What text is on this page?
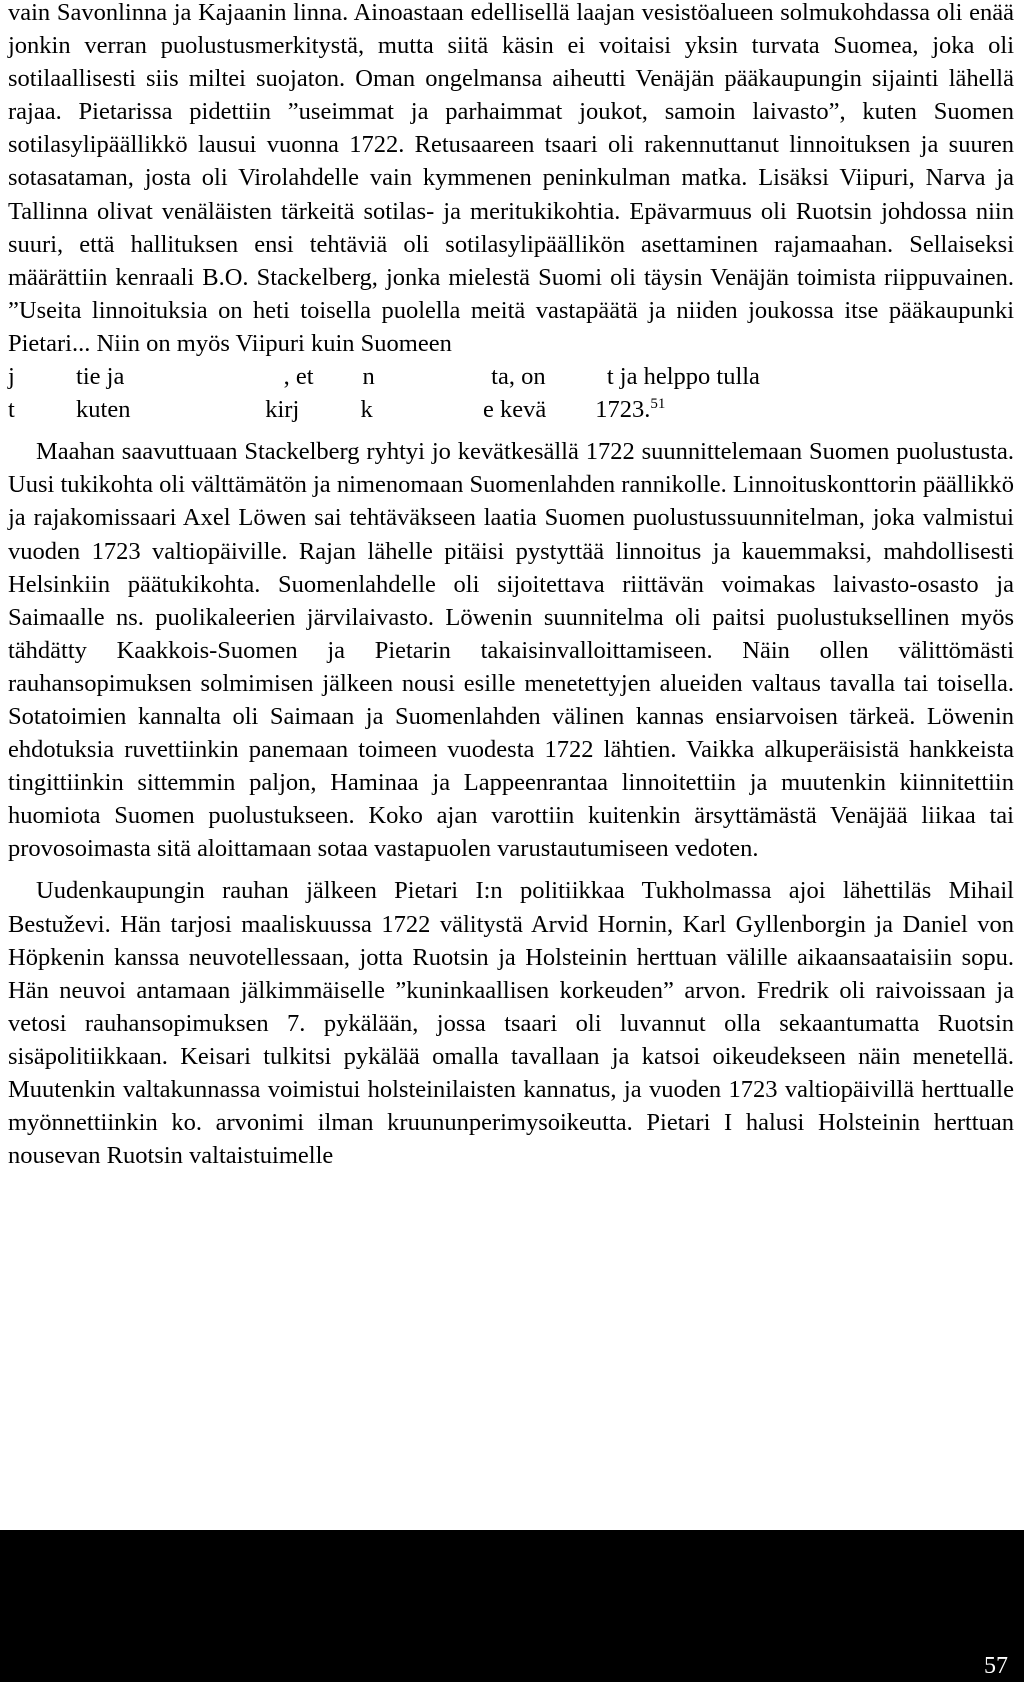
vain Savonlinna ja Kajaanin linna. Ainoastaan edellisellä laajan vesistöalueen solmukohdassa oli enää jonkin verran puolustusmerkitystä, mutta siitä käsin ei voitaisi yksin turvata Suomea, joka oli sotilaallisesti siis miltei suojaton. Oman ongelmansa aiheutti Venäjän pääkaupungin sijainti lähellä rajaa. Pietarissa pidettiin ”useimmat ja parhaimmat joukot, samoin laivasto”, kuten Suomen sotilasylipäällikkö lausui vuonna 1722. Retusaareen tsaari oli rakennuttanut linnoituksen ja suuren sotasataman, josta oli Virolahdelle vain kymmenen peninkulman matka. Lisäksi Viipuri, Narva ja Tallinna olivat venäläisten tärkeitä sotilas- ja meritukikohtia. Epävarmuus oli Ruotsin johdossa niin suuri, että hallituksen ensi tehtäviä oli sotilasylipäällikön asettaminen rajamaahan. Sellaiseksi määrättiin kenraali B.O. Stackelberg, jonka mielestä Suomi oli täysin Venäjän toimista riippuvainen. ”Useita linnoituksia on heti toisella puolella meitä vastapäätä ja niiden joukossa itse pääkaupunki Pietari... Niin on myös Viipuri kuin Suomeen

j          tie ja                          , et        n                   ta, on          t ja helppo tulla

t          kuten                      kirj          k                  e kevä        1723.51

Maahan saavuttuaan Stackelberg ryhtyi jo kevätkesällä 1722 suunnittelemaan Suomen puolustusta. Uusi tukikohta oli välttämätön ja nimenomaan Suomenlahden rannikolle. Linnoituskonttorin päällikkö ja rajakomissaari Axel Löwen sai tehtäväkseen laatia Suomen puolustussuunnitelman, joka valmistui vuoden 1723 valtiopäiville. Rajan lähelle pitäisi pystyttää linnoitus ja kauemmaksi, mahdollisesti Helsinkiin päätukikohta. Suomenlahdelle oli sijoitettava riittävän voimakas laivasto-osasto ja Saimaalle ns. puolikaleerien järvilaivasto. Löwenin suunnitelma oli paitsi puolustuksellinen myös tähdätty Kaakkois-Suomen ja Pietarin takaisinvalloittamiseen. Näin ollen välittömästi rauhansopimuksen solmimisen jälkeen nousi esille menetettyjen alueiden valtaus tavalla tai toisella. Sotatoimien kannalta oli Saimaan ja Suomenlahden välinen kannas ensiarvoisen tärkeä. Löwenin ehdotuksia ruvettiinkin panemaan toimeen vuodesta 1722 lähtien. Vaikka alkuperäisistä hankkeista tingittiinkin sittemmin paljon, Haminaa ja Lappeenrantaa linnoitettiin ja muutenkin kiinnitettiin huomiota Suomen puolustukseen. Koko ajan varottiin kuitenkin ärsyttämästä Venäjää liikaa tai provosoimasta sitä aloittamaan sotaa vastapuolen varustautumiseen vedoten.

Uudenkaupungin rauhan jälkeen Pietari I:n politiikkaa Tukholmassa ajoi lähettiläs Mihail Bestuževi. Hän tarjosi maaliskuussa 1722 välitystä Arvid Hornin, Karl Gyllenborgin ja Daniel von Höpkenin kanssa neuvotellessaan, jotta Ruotsin ja Holsteinin herttuan välille aikaansaataisiin sopu. Hän neuvoi antamaan jälkimmäiselle ”kuninkaallisen korkeuden” arvon. Fredrik oli raivoissaan ja vetosi rauhansopimuksen 7. pykälään, jossa tsaari oli luvannut olla sekaantumatta Ruotsin sisäpolitiikkaan. Keisari tulkitsi pykälää omalla tavallaan ja katsoi oikeudekseen näin menetellä. Muutenkin valtakunnassa voimistui holsteinilaisten kannatus, ja vuoden 1723 valtiopäivillä herttualle myönnettiinkin ko. arvonimi ilman kruununperimysoikeutta. Pietari I halusi Holsteinin herttuan nousevan Ruotsin valtaistuimelle

57
